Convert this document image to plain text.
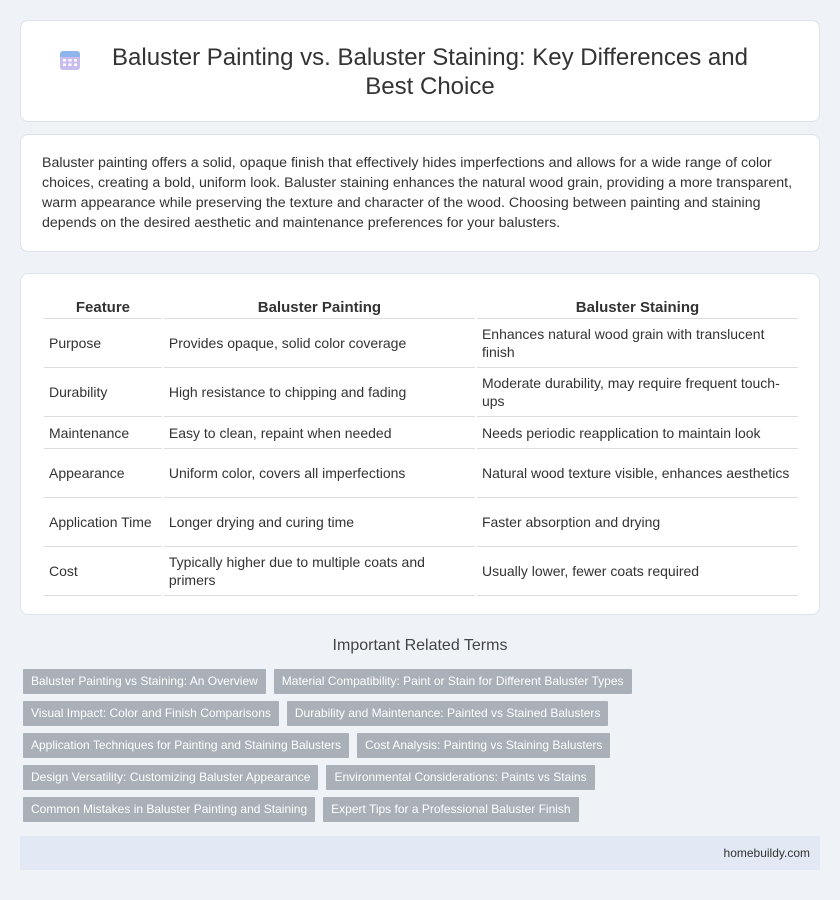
Baluster Painting vs. Baluster Staining: Key Differences and Best Choice

Baluster painting offers a solid, opaque finish that effectively hides imperfections and allows for a wide range of color choices, creating a bold, uniform look. Baluster staining enhances the natural wood grain, providing a more transparent, warm appearance while preserving the texture and character of the wood. Choosing between painting and staining depends on the desired aesthetic and maintenance preferences for your balusters.

Feature	Baluster Painting	Baluster Staining
Purpose	Provides opaque, solid color coverage	Enhances natural wood grain with translucent finish
Durability	High resistance to chipping and fading	Moderate durability, may require frequent touch-ups
Maintenance	Easy to clean, repaint when needed	Needs periodic reapplication to maintain look
Appearance	Uniform color, covers all imperfections	Natural wood texture visible, enhances aesthetics
Application Time	Longer drying and curing time	Faster absorption and drying
Cost	Typically higher due to multiple coats and primers	Usually lower, fewer coats required
Important Related Terms
Baluster Painting vs Staining: An Overview	Material Compatibility: Paint or Stain for Different Baluster Types
Visual Impact: Color and Finish Comparisons	Durability and Maintenance: Painted vs Stained Balusters
Application Techniques for Painting and Staining Balusters	Cost Analysis: Painting vs Staining Balusters
Design Versatility: Customizing Baluster Appearance	Environmental Considerations: Paints vs Stains
Common Mistakes in Baluster Painting and Staining	Expert Tips for a Professional Baluster Finish
homebuildy.com
